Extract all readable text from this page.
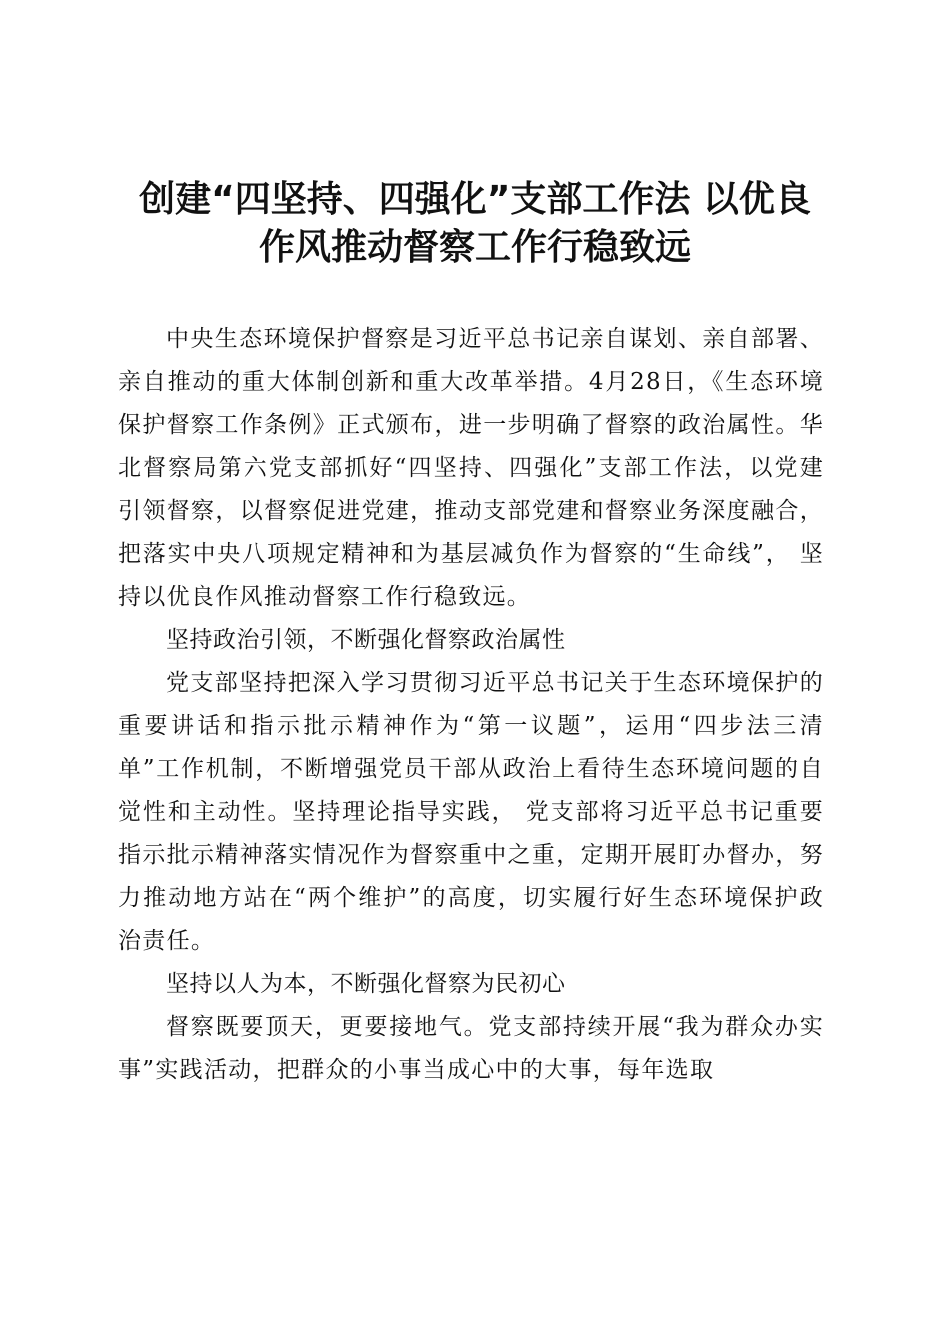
创建“四坚持、四强化”支部工作法 以优良
作风推动督察工作行稳致远

中央生态环境保护督察是习近平总书记亲自谋划、亲自部署、亲自推动的重大体制创新和重大改革举措。4月28日，《生态环境保护督察工作条例》正式颁布，进一步明确了督察的政治属性。华北督察局第六党支部抓好“四坚持、四强化”支部工作法，以党建引领督察，以督察促进党建，推动支部党建和督察业务深度融合，把落实中央八项规定精神和为基层减负作为督察的“生命线”， 坚持以优良作风推动督察工作行稳致远。

坚持政治引领，不断强化督察政治属性

党支部坚持把深入学习贯彻习近平总书记关于生态环境保护的重要讲话和指示批示精神作为“第一议题”，运用“四步法三清单”工作机制，不断增强党员干部从政治上看待生态环境问题的自觉性和主动性。坚持理论指导实践， 党支部将习近平总书记重要指示批示精神落实情况作为督察重中之重，定期开展盯办督办，努力推动地方站在“两个维护”的高度，切实履行好生态环境保护政治责任。

坚持以人为本，不断强化督察为民初心

督察既要顶天，更要接地气。党支部持续开展“我为群众办实事”实践活动，把群众的小事当成心中的大事，每年选取
